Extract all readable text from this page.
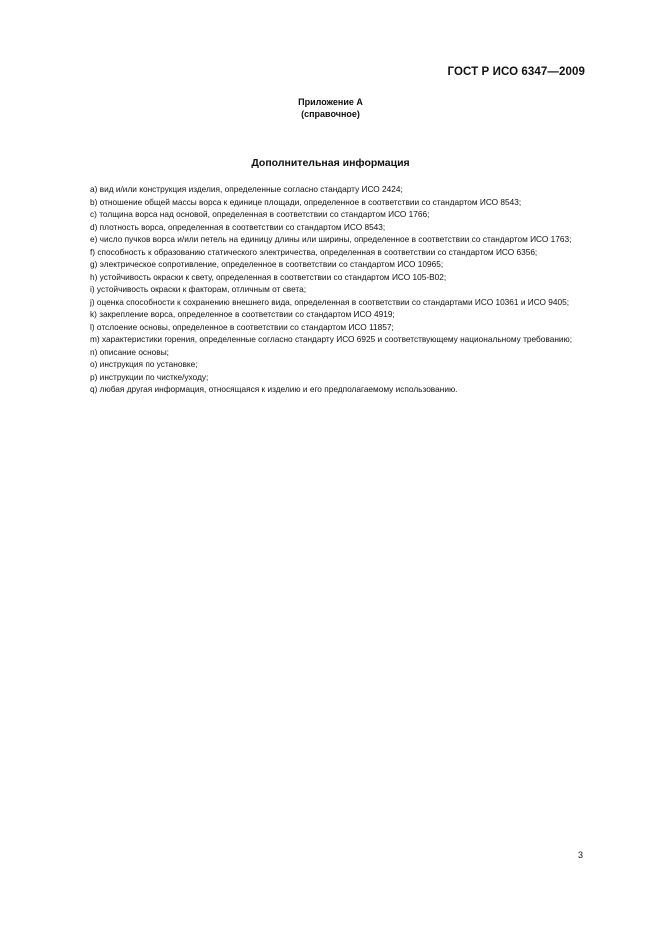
ГОСТ Р ИСО 6347—2009
Приложение А
(справочное)
Дополнительная информация

a) вид и/или конструкция изделия, определенные согласно стандарту ИСО 2424;

b) отношение общей массы ворса к единице площади, определенное в соответствии со стандартом ИСО 8543;

c) толщина ворса над основой, определенная в соответствии со стандартом ИСО 1766;

d) плотность ворса, определенная в соответствии со стандартом ИСО 8543;

e) число пучков ворса и/или петель на единицу длины или ширины, определенное в соответствии со стандартом ИСО 1763;

f) способность к образованию статического электричества, определенная в соответствии со стандартом ИСО 6356;

g) электрическое сопротивление, определенное в соответствии со стандартом ИСО 10965;

h) устойчивость окраски к свету, определенная в соответствии со стандартом ИСО 105-В02;

i) устойчивость окраски к факторам, отличным от света;

j) оценка способности к сохранению внешнего вида, определенная в соответствии со стандартами ИСО 10361 и ИСО 9405;

k) закрепление ворса, определенное в соответствии со стандартом ИСО 4919;

l) отслоение основы, определенное в соответствии со стандартом ИСО 11857;

m) характеристики горения, определенные согласно стандарту ИСО 6925 и соответствующему национальному требованию;

n) описание основы;

o) инструкция по установке;

p) инструкции по чистке/уходу;

q) любая другая информация, относящаяся к изделию и его предполагаемому использованию.

3
